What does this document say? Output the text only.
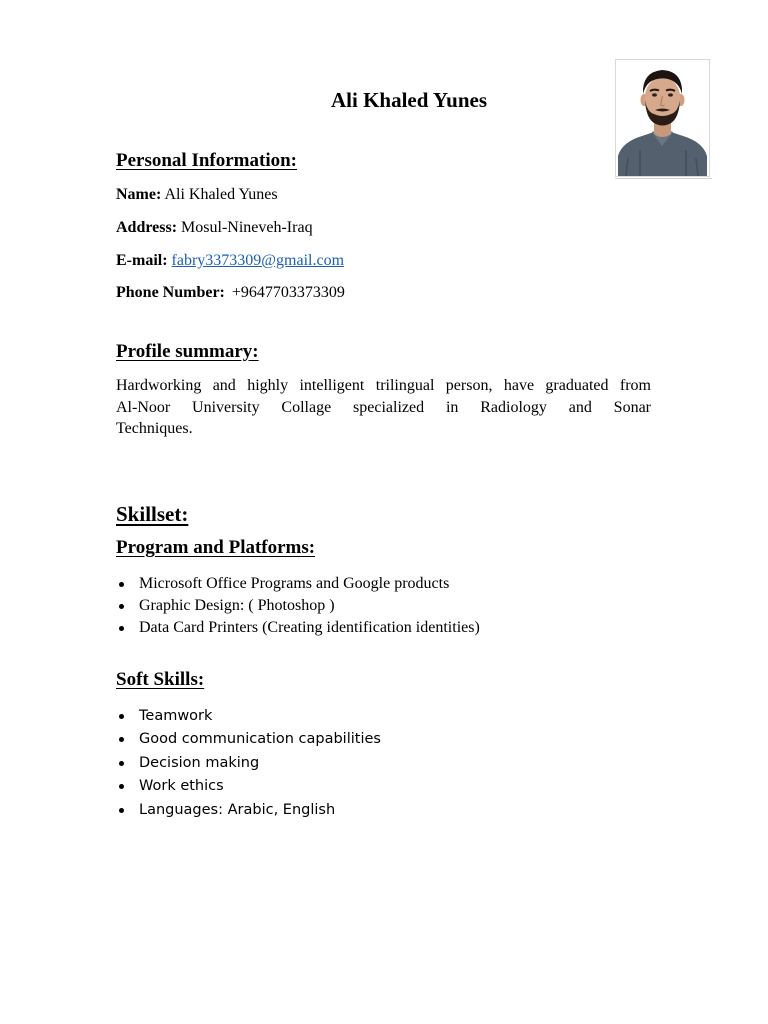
Ali Khaled Yunes
Personal Information:
Name: Ali Khaled Yunes
Address: Mosul-Nineveh-Iraq
E-mail: fabry3373309@gmail.com
Phone Number: +9647703373309
Profile summary:
Hardworking and highly intelligent trilingual person, have graduated from
Al-Noor University Collage specialized in Radiology and Sonar
Techniques.
Skillset:
Program and Platforms:
Microsoft Office Programs and Google products
Graphic Design: ( Photoshop )
Data Card Printers (Creating identification identities)
Soft Skills:
Teamwork
Good communication capabilities
Decision making
Work ethics
Languages: Arabic, English
